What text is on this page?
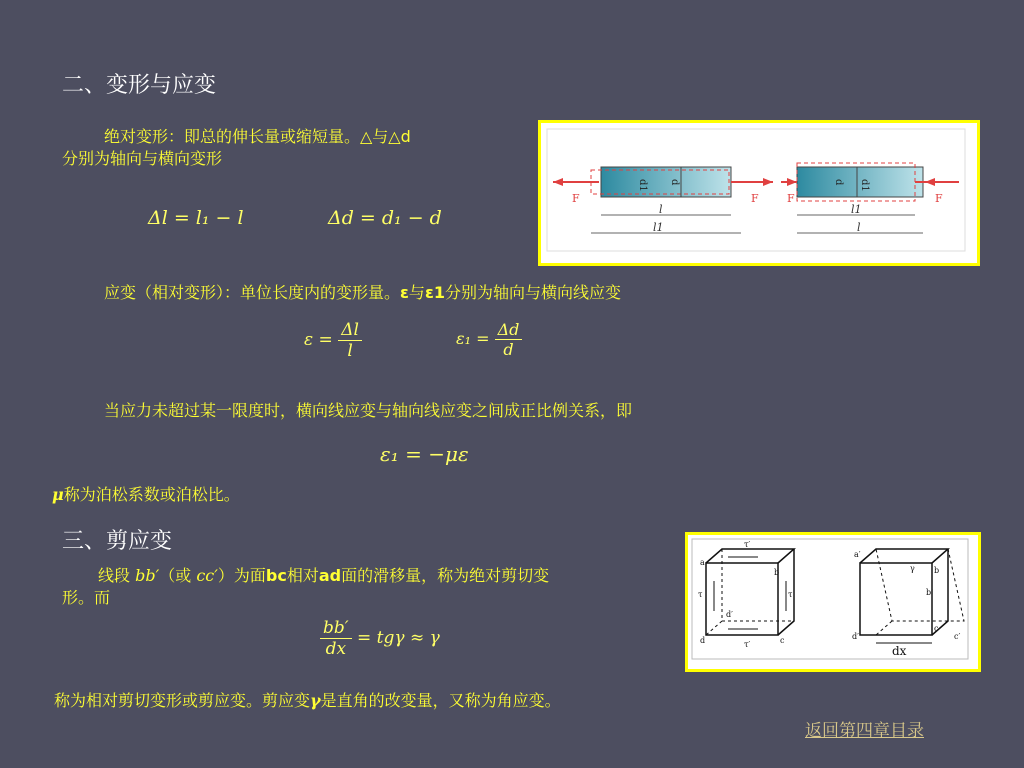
二、变形与应变
绝对变形：即总的伸长量或缩短量。△与△d
分别为轴向与横向变形
Δl = l₁ − l	Δd = d₁ − d
F	F
d1 d
l
l1
F	F
d d1
l1
l
应变（相对变形）：单位长度内的变形量。ε与ε1分别为轴向与横向线应变
$\varepsilon = \frac{\Delta l}{l}$	$\varepsilon_1 = \frac{\Delta d}{d}$
当应力未超过某一限度时，横向线应变与轴向线应变之间成正比例关系，即
ε₁ = −με
μ称为泊松系数或泊松比。
三、剪应变
线段 bb′（或 cc′）为面bc相对ad面的滑移量，称为绝对剪切变
形。而
$\frac{bb'}{dx} = tg\gamma \approx \gamma$
称为相对剪切变形或剪应变。剪应变γ是直角的改变量，又称为角应变。
τ′
τ′
τ	τ
a
b
c
d
d′
a′
γ b
b′
c
c′
d′
dx
返回第四章目录
